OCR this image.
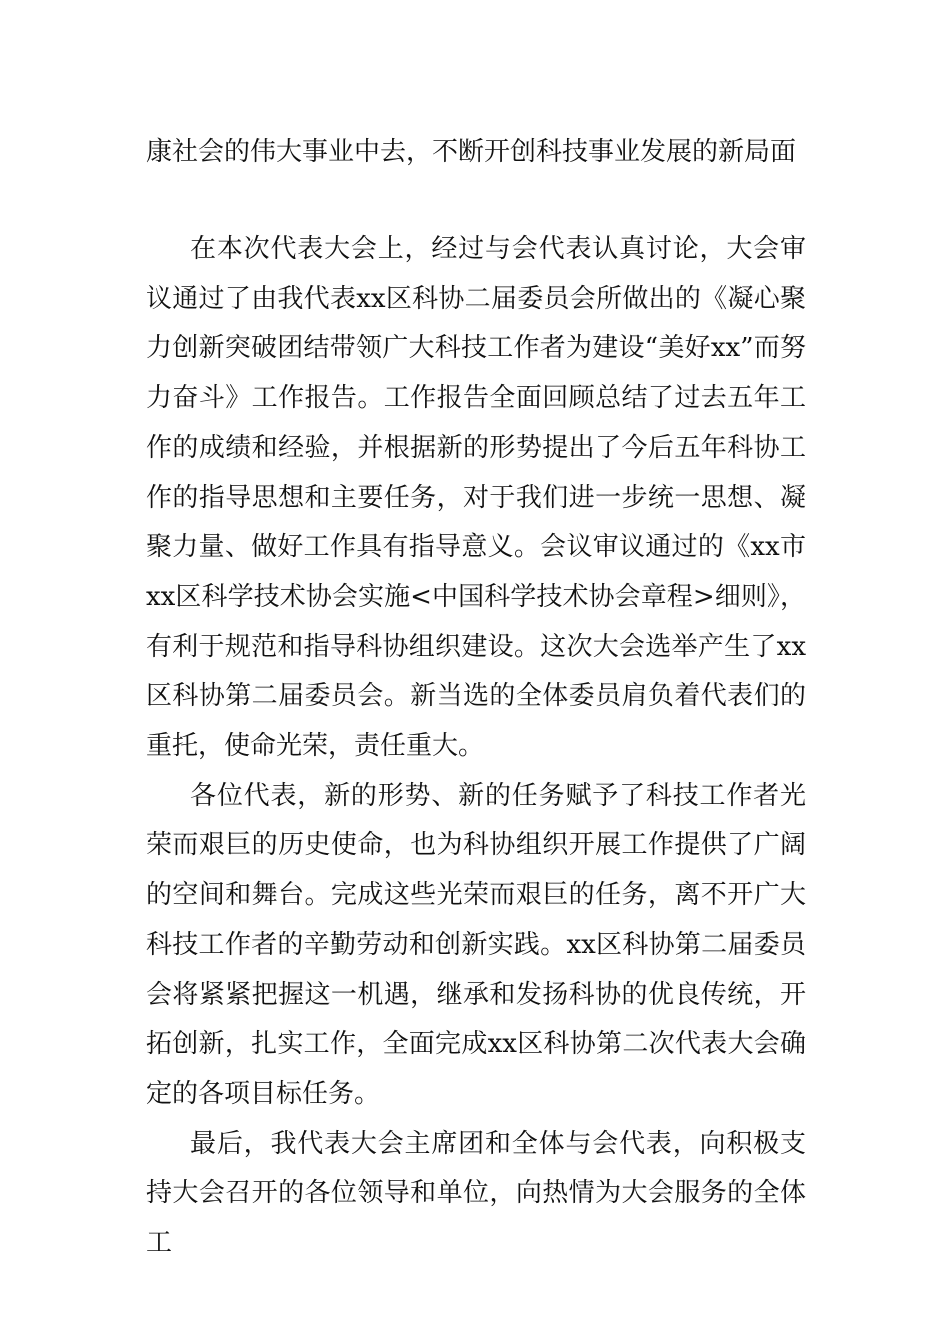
康社会的伟大事业中去，不断开创科技事业发展的新局面

在本次代表大会上，经过与会代表认真讨论，大会审议通过了由我代表xx区科协二届委员会所做出的《凝心聚力创新突破团结带领广大科技工作者为建设“美好xx”而努力奋斗》工作报告。工作报告全面回顾总结了过去五年工作的成绩和经验，并根据新的形势提出了今后五年科协工作的指导思想和主要任务，对于我们进一步统一思想、凝聚力量、做好工作具有指导意义。会议审议通过的《xx市xx区科学技术协会实施<中国科学技术协会章程>细则》，有利于规范和指导科协组织建设。这次大会选举产生了xx区科协第二届委员会。新当选的全体委员肩负着代表们的重托，使命光荣，责任重大。

各位代表，新的形势、新的任务赋予了科技工作者光荣而艰巨的历史使命，也为科协组织开展工作提供了广阔的空间和舞台。完成这些光荣而艰巨的任务，离不开广大科技工作者的辛勤劳动和创新实践。xx区科协第二届委员会将紧紧把握这一机遇，继承和发扬科协的优良传统，开拓创新，扎实工作，全面完成xx区科协第二次代表大会确定的各项目标任务。

最后，我代表大会主席团和全体与会代表，向积极支持大会召开的各位领导和单位，向热情为大会服务的全体工
